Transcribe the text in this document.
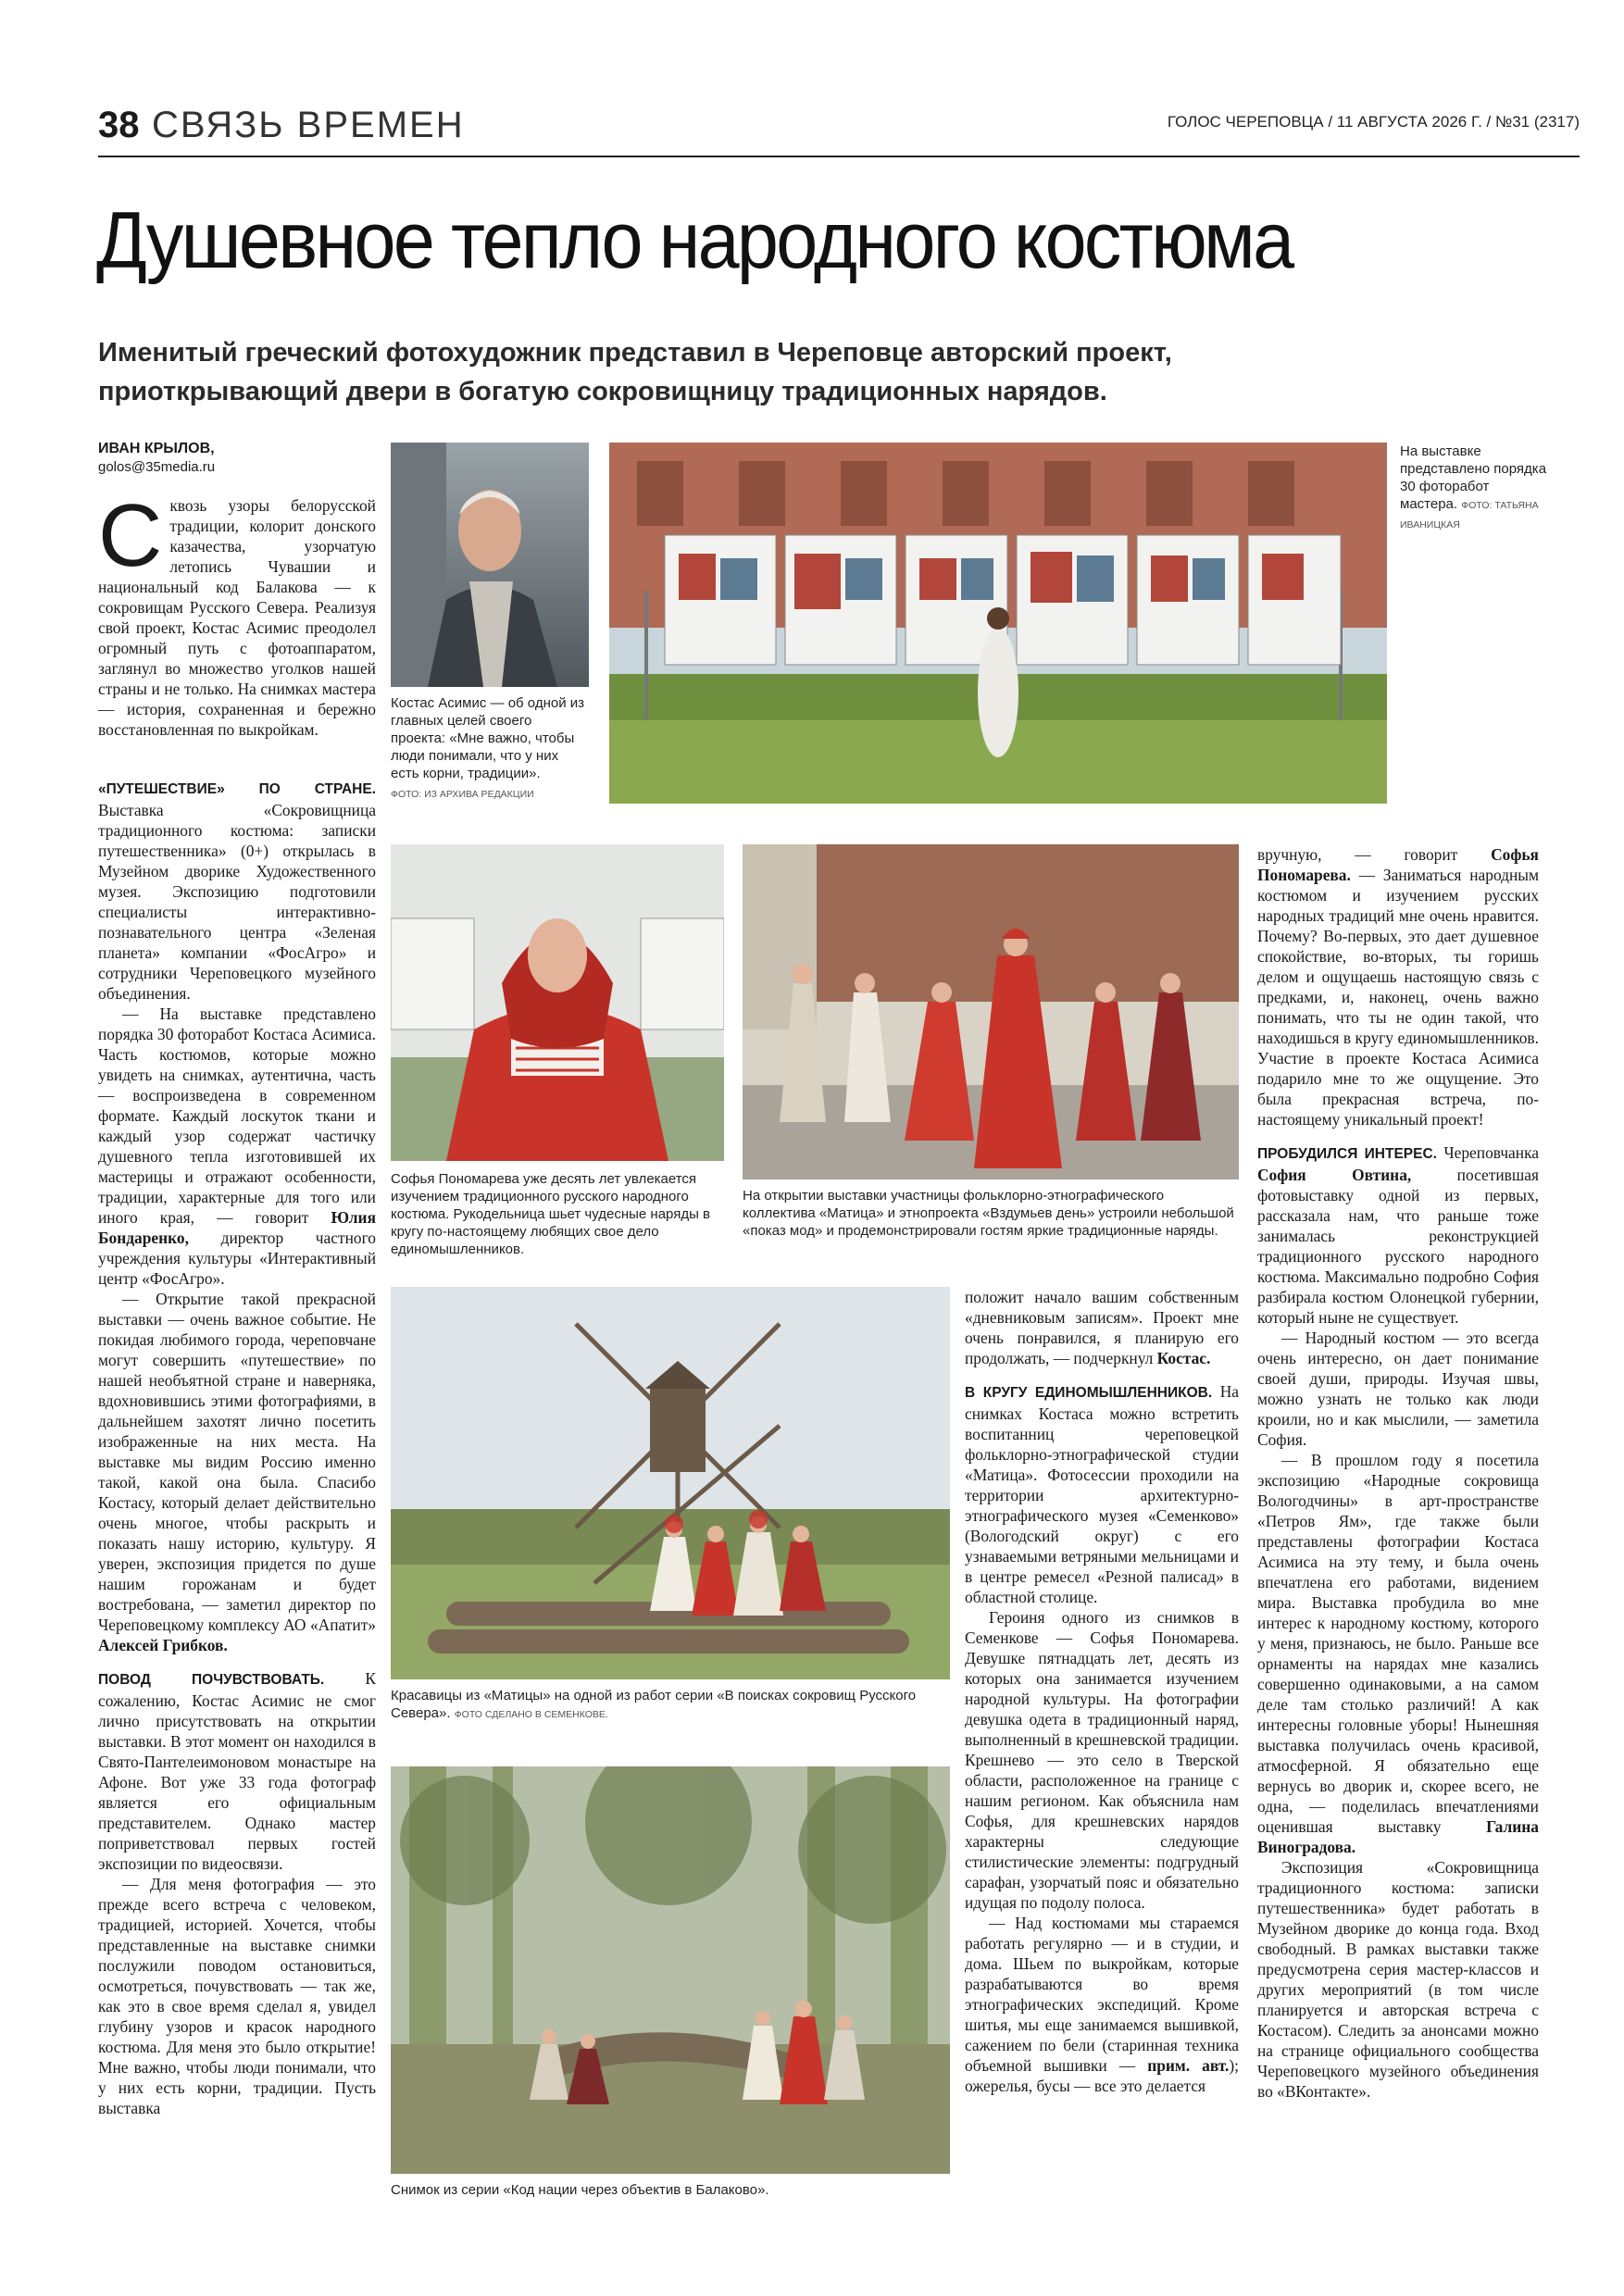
38 СВЯЗЬ ВРЕМЕН	ГОЛОС ЧЕРЕПОВЦА / 11 АВГУСТА 2026 Г. / №31 (2317)
Душевное тепло народного костюма
Именитый греческий фотохудожник представил в Череповце авторский проект, приоткрывающий двери в богатую сокровищницу традиционных нарядов.
ИВАН КРЫЛОВ,
golos@35media.ru

Сквозь узоры белорусской традиции, колорит донского казачества, узорчатую летопись Чувашии и национальный код Балакова — к сокровищам Русского Севера. Реализуя свой проект, Костас Асимис преодолел огромный путь с фотоаппаратом, заглянул во множество уголков нашей страны и не только. На снимках мастера — история, сохраненная и бережно восстановленная по выкройкам.

«ПУТЕШЕСТВИЕ» ПО СТРАНЕ. Выставка «Сокровищница традиционного костюма: записки путешественника» (0+) открылась в Музейном дворике Художественного музея. Экспозицию подготовили специалисты интерактивно-познавательного центра «Зеленая планета» компании «ФосАгро» и сотрудники Череповецкого музейного объединения.

— На выставке представлено порядка 30 фоторабот Костаса Асимиса. Часть костюмов, которые можно увидеть на снимках, аутентична, часть — воспроизведена в современном формате. Каждый лоскуток ткани и каждый узор содержат частичку душевного тепла изготовившей их мастерицы и отражают особенности, традиции, характерные для того или иного края, — говорит Юлия Бондаренко, директор частного учреждения культуры «Интерактивный центр «ФосАгро».

— Открытие такой прекрасной выставки — очень важное событие. Не покидая любимого города, череповчане могут совершить «путешествие» по нашей необъятной стране и наверняка, вдохновившись этими фотографиями, в дальнейшем захотят лично посетить изображенные на них места. На выставке мы видим Россию именно такой, какой она была. Спасибо Костасу, который делает действительно очень многое, чтобы раскрыть и показать нашу историю, культуру. Я уверен, экспозиция придется по душе нашим горожанам и будет востребована, — заметил директор по Череповецкому комплексу АО «Апатит» Алексей Грибков.

ПОВОД ПОЧУВСТВОВАТЬ.	К сожалению, Костас Асимис не смог лично присутствовать на открытии выставки. В этот момент он находился в Свято-Пантелеимоновом монастыре на Афоне. Вот уже 33 года фотограф является его официальным представителем. Однако мастер поприветствовал первых гостей экспозиции по видеосвязи.

— Для меня фотография — это прежде всего встреча с человеком, традицией, историей. Хочется, чтобы представленные на выставке снимки послужили поводом остановиться, осмотреться, почувствовать — так же, как это в свое время сделал я, увидел глубину узоров и красок народного костюма. Для меня это было открытие! Мне важно, чтобы люди понимали, что у них есть корни, традиции. Пусть выставка

Костас Асимис — об одной из главных целей своего проекта: «Мне важно, чтобы люди понимали, что у них есть корни, традиции».
ФОТО: ИЗ АРХИВА РЕДАКЦИИ
На выставке представлено порядка 30 фоторабот мастера. ФОТО: ТАТЬЯНА ИВАНИЦКАЯ
Софья Пономарева уже десять лет увлекается изучением традиционного русского народного костюма. Рукодельница шьет чудесные наряды в кругу по-настоящему любящих свое дело единомышленников.
На открытии выставки участницы фольклорно-этнографического коллектива «Матица» и этнопроекта «Вздумьев день» устроили небольшой «показ мод» и продемонстрировали гостям яркие традиционные наряды.

вручную, — говорит Софья Пономарева. — Заниматься народным костюмом и изучением русских народных традиций мне очень нравится. Почему? Во-первых, это дает душевное спокойствие, во-вторых, ты горишь делом и ощущаешь настоящую связь с предками, и, наконец, очень важно понимать, что ты не один такой, что находишься в кругу единомышленников. Участие в проекте Костаса Асимиса подарило мне то же ощущение. Это была прекрасная встреча, по-настоящему уникальный проект!

ПРОБУДИЛСЯ ИНТЕРЕС. Череповчанка София Овтина,	посетившая фотовыставку одной из первых, рассказала нам, что раньше тоже занималась реконструкцией традиционного русского народного костюма. Максимально подробно София разбирала костюм Олонецкой губернии, который ныне не существует.

— Народный костюм — это всегда очень интересно, он дает понимание своей души, природы. Изучая швы, можно узнать не только как люди кроили, но и как мыслили, — заметила София.

— В прошлом году я посетила экспозицию «Народные сокровища Вологодчины» в арт-пространстве «Петров Ям», где также были представлены фотографии Костаса Асимиса на эту тему, и была очень впечатлена его работами, видением мира. Выставка пробудила во мне интерес к народному костюму, которого у меня, признаюсь, не было. Раньше все орнаменты на нарядах мне казались совершенно одинаковыми, а на самом деле там столько различий! А как интересны головные уборы! Нынешняя выставка получилась очень красивой, атмосферной. Я обязательно еще вернусь во дворик и, скорее всего, не одна, — поделилась впечатлениями оценившая выставку	Галина Виноградова.

Экспозиция «Сокровищница традиционного костюма: записки путешественника» будет работать в Музейном дворике до конца года. Вход свободный. В рамках выставки также предусмотрена серия мастер-классов и других мероприятий (в том числе планируется и авторская встреча с Костасом). Следить за анонсами можно на странице официального сообщества Череповецкого музейного объединения во «ВКонтакте».

Красавицы из «Матицы» на одной из работ серии «В поисках сокровищ Русского Севера». ФОТО СДЕЛАНО В СЕМЕНКОВЕ.
Снимок из серии «Код нации через объектив в Балаково».

положит начало вашим собственным «дневниковым записям». Проект мне очень понравился, я планирую его продолжать, — подчеркнул Костас.

В КРУГУ ЕДИНОМЫШЛЕННИКОВ. На снимках Костаса можно встретить воспитанниц череповецкой фольклорно-этнографической студии «Матица». Фотосессии проходили на территории архитектурно-этнографического музея «Семенково» (Вологодский округ) с его узнаваемыми ветряными мельницами и в центре ремесел «Резной палисад» в областной столице.

Героиня одного из снимков в Семенкове — Софья Пономарева. Девушке пятнадцать лет, десять из которых она занимается изучением народной культуры. На фотографии девушка одета в традиционный наряд, выполненный в крешневской традиции. Крешнево — это село в Тверской области, расположенное на границе с нашим регионом. Как объяснила нам Софья, для крешневских нарядов характерны следующие стилистические элементы: подгрудный сарафан, узорчатый пояс и обязательно идущая по подолу полоса.

— Над костюмами мы стараемся работать регулярно — и в студии, и дома. Шьем по выкройкам, которые разрабатываются во время этнографических экспедиций. Кроме шитья, мы еще занимаемся вышивкой, сажением по бели (старинная техника объемной вышивки — прим. авт.); ожерелья, бусы — все это делается
